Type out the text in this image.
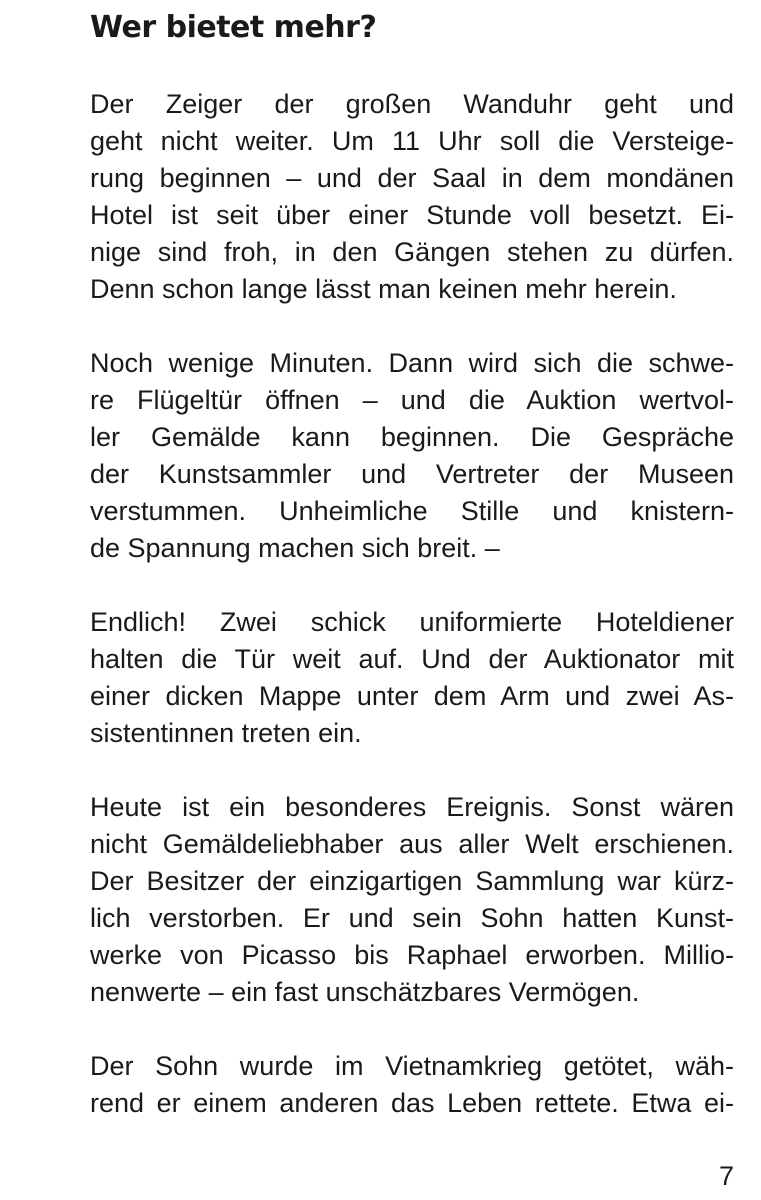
Wer bietet mehr?

Der Zeiger der großen Wanduhr geht und
geht nicht weiter. Um 11 Uhr soll die Versteige-
rung beginnen – und der Saal in dem mondänen
Hotel ist seit über einer Stunde voll besetzt. Ei-
nige sind froh, in den Gängen stehen zu dürfen.
Denn schon lange lässt man keinen mehr herein.

Noch wenige Minuten. Dann wird sich die schwe-
re Flügeltür öffnen – und die Auktion wertvol-
ler Gemälde kann beginnen. Die Gespräche
der Kunstsammler und Vertreter der Museen
verstummen. Unheimliche Stille und knistern-
de Spannung machen sich breit. –

Endlich! Zwei schick uniformierte Hoteldiener
halten die Tür weit auf. Und der Auktionator mit
einer dicken Mappe unter dem Arm und zwei As-
sistentinnen treten ein.

Heute ist ein besonderes Ereignis. Sonst wären
nicht Gemäldeliebhaber aus aller Welt erschienen.
Der Besitzer der einzigartigen Sammlung war kürz-
lich verstorben. Er und sein Sohn hatten Kunst-
werke von Picasso bis Raphael erworben. Millio-
nenwerte – ein fast unschätzbares Vermögen.

Der Sohn wurde im Vietnamkrieg getötet, wäh-
rend er einem anderen das Leben rettete. Etwa ei-

7
